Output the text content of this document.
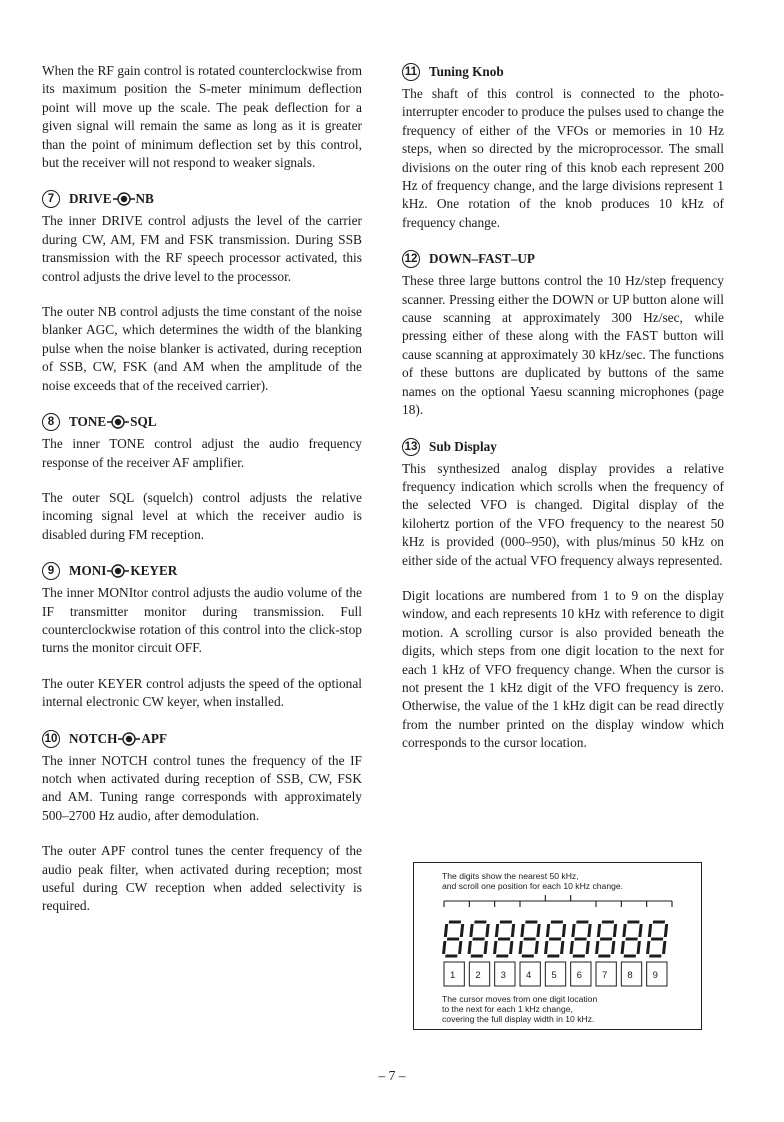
When the RF gain control is rotated counterclockwise from its maximum position the S-meter minimum deflection point will move up the scale. The peak deflection for a given signal will remain the same as long as it is greater than the point of minimum deflection set by this control, but the receiver will not respond to weaker signals.

7	DRIVE NB

The inner DRIVE control adjusts the level of the carrier during CW, AM, FM and FSK transmission. During SSB transmission with the RF speech processor activated, this control adjusts the drive level to the processor.

The outer NB control adjusts the time constant of the noise blanker AGC, which determines the width of the blanking pulse when the noise blanker is activated, during reception of SSB, CW, FSK (and AM when the amplitude of the noise exceeds that of the received carrier).

8	TONE SQL

The inner TONE control adjust the audio frequency response of the receiver AF amplifier.

The outer SQL (squelch) control adjusts the relative incoming signal level at which the receiver audio is disabled during FM reception.

9	MONI KEYER

The inner MONItor control adjusts the audio volume of the IF transmitter monitor during transmission. Full counterclockwise rotation of this control into the click-stop turns the monitor circuit OFF.

The outer KEYER control adjusts the speed of the optional internal electronic CW keyer, when installed.

10 NOTCH APF

The inner NOTCH control tunes the frequency of the IF notch when activated during reception of SSB, CW, FSK and AM. Tuning range corresponds with approximately 500–2700 Hz audio, after demodulation.

The outer APF control tunes the center frequency of the audio peak filter, when activated during reception; most useful during CW reception when added selectivity is required.

11 Tuning Knob

The shaft of this control is connected to the photo-interrupter encoder to produce the pulses used to change the frequency of either of the VFOs or memories in 10 Hz steps, when so directed by the microprocessor. The small divisions on the outer ring of this knob each represent 200 Hz of frequency change, and the large divisions represent 1 kHz. One rotation of the knob produces 10 kHz of frequency change.

12 DOWN–FAST–UP

These three large buttons control the 10 Hz/step frequency scanner. Pressing either the DOWN or UP button alone will cause scanning at approximately 300 Hz/sec, while pressing either of these along with the FAST button will cause scanning at approximately 30 kHz/sec. The functions of these buttons are duplicated by buttons of the same names on the optional Yaesu scanning microphones (page 18).

13 Sub Display

This synthesized analog display provides a relative frequency indication which scrolls when the frequency of the selected VFO is changed. Digital display of the kilohertz portion of the VFO frequency to the nearest 50 kHz is provided (000–950), with plus/minus 50 kHz on either side of the actual VFO frequency always represented.

Digit locations are numbered from 1 to 9 on the display window, and each represents 10 kHz with reference to digit motion. A scrolling cursor is also provided beneath the digits, which steps from one digit location to the next for each 1 kHz of VFO frequency change. When the cursor is not present the 1 kHz digit of the VFO frequency is zero. Otherwise, the value of the 1 kHz digit can be read directly from the number printed on the display window which corresponds to the cursor location.

The digits show the nearest 50 kHz,
and scroll one position for each 10 kHz change.
1 2 3 4 5 6 7 8 9
The cursor moves from one digit location
to the next for each 1 kHz change,
covering the full display width in 10 kHz.
– 7 –
